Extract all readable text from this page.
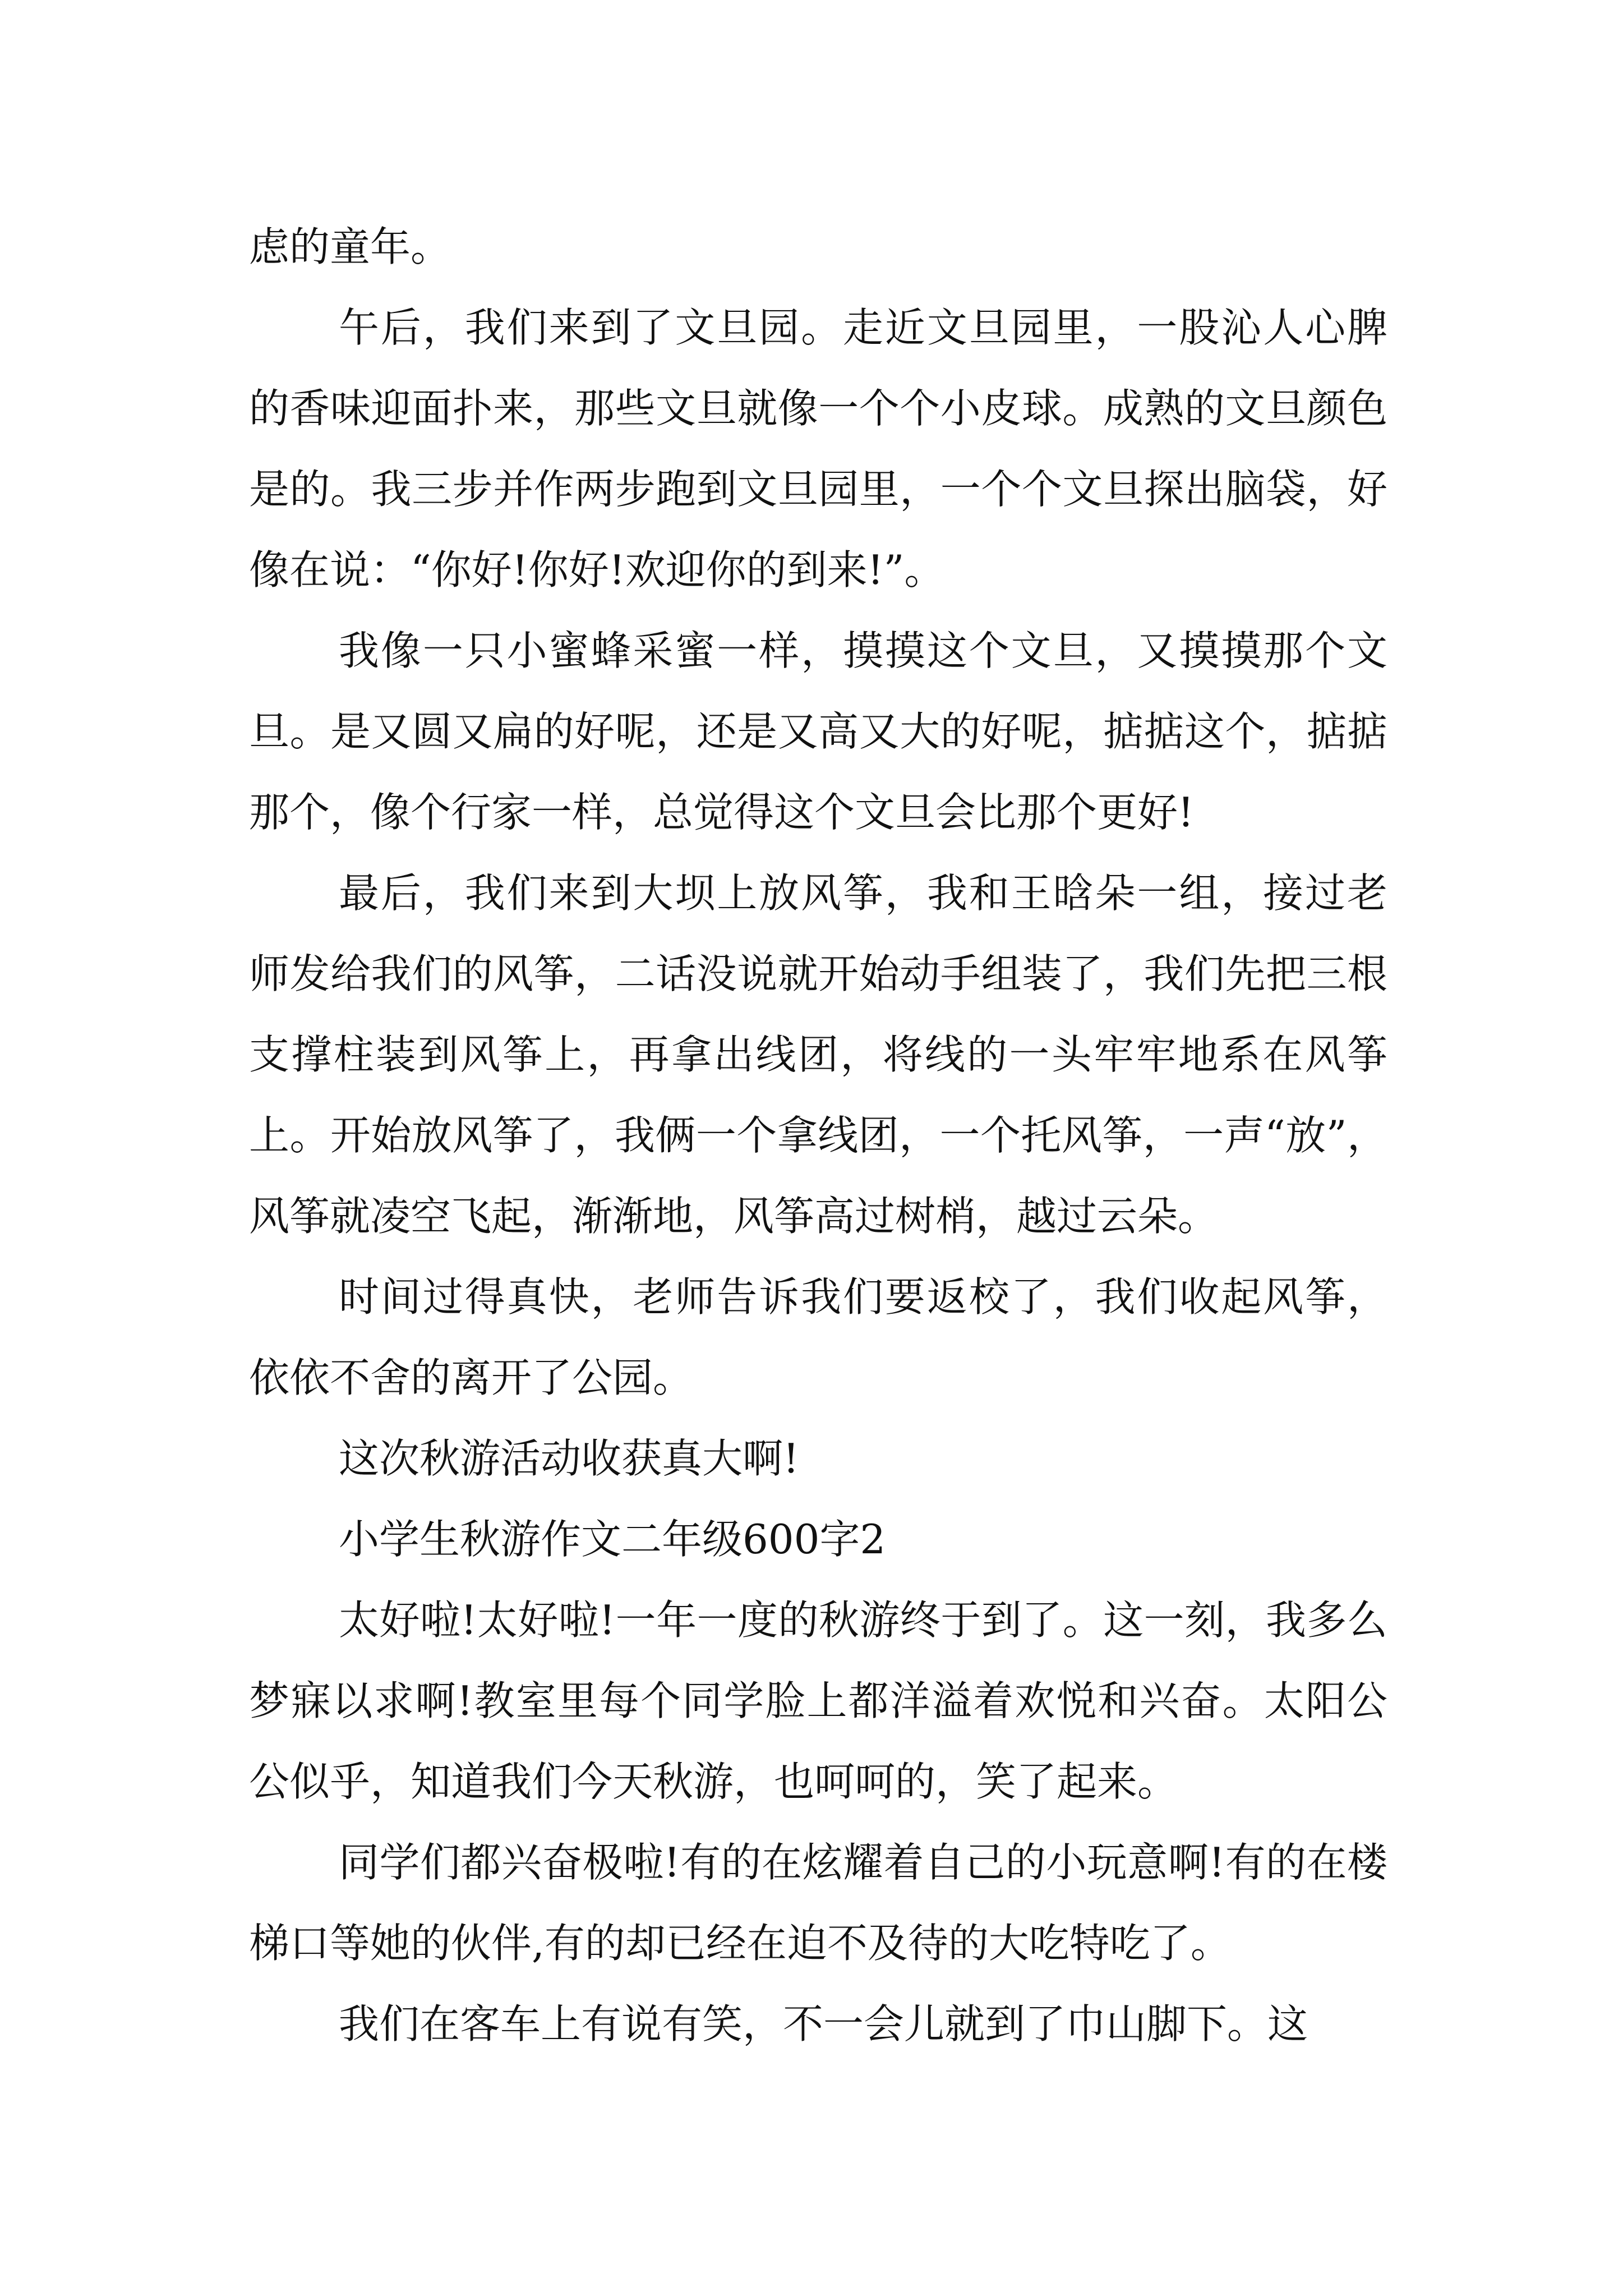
虑的童年。

午后，我们来到了文旦园。走近文旦园里，一股沁人心脾的香味迎面扑来，那些文旦就像一个个小皮球。成熟的文旦颜色是的。我三步并作两步跑到文旦园里，一个个文旦探出脑袋，好像在说：“你好!你好!欢迎你的到来!”。

我像一只小蜜蜂采蜜一样，摸摸这个文旦，又摸摸那个文旦。是又圆又扁的好呢，还是又高又大的好呢，掂掂这个，掂掂那个，像个行家一样，总觉得这个文旦会比那个更好!

最后，我们来到大坝上放风筝，我和王晗朵一组，接过老师发给我们的风筝，二话没说就开始动手组装了，我们先把三根支撑柱装到风筝上，再拿出线团，将线的一头牢牢地系在风筝上。开始放风筝了，我俩一个拿线团，一个托风筝，一声“放”，风筝就凌空飞起，渐渐地，风筝高过树梢，越过云朵。

时间过得真快，老师告诉我们要返校了，我们收起风筝，依依不舍的离开了公园。

这次秋游活动收获真大啊!

小学生秋游作文二年级600字2

太好啦!太好啦!一年一度的秋游终于到了。这一刻，我多么梦寐以求啊!教室里每个同学脸上都洋溢着欢悦和兴奋。太阳公公似乎，知道我们今天秋游，也呵呵的，笑了起来。

同学们都兴奋极啦!有的在炫耀着自己的小玩意啊!有的在楼梯口等她的伙伴,有的却已经在迫不及待的大吃特吃了。

我们在客车上有说有笑，不一会儿就到了巾山脚下。这
